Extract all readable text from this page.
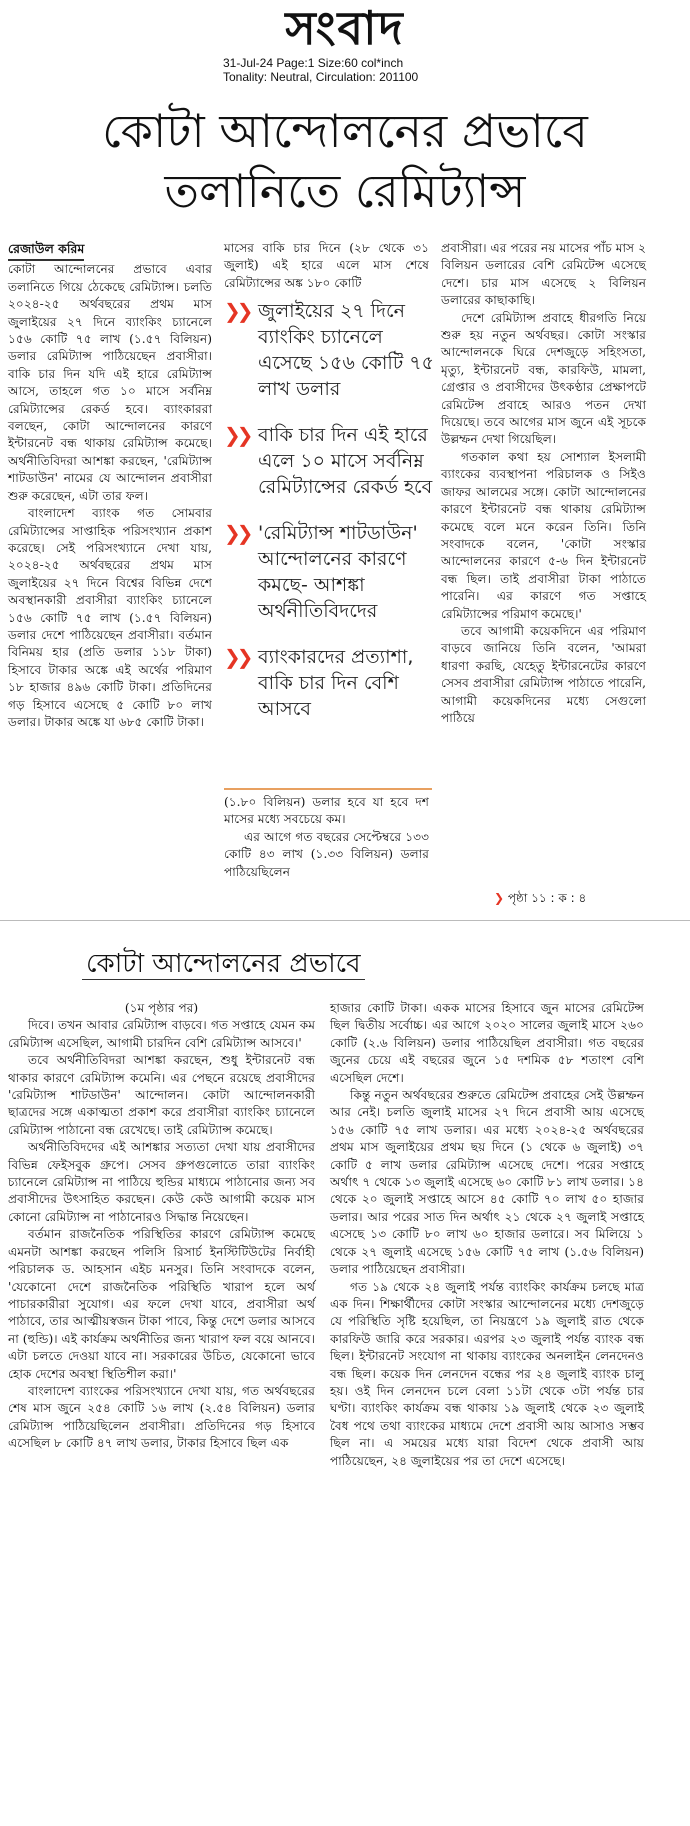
সংবাদ
31-Jul-24 Page:1 Size:60 col*inch
Tonality: Neutral, Circulation: 201100
কোটা আন্দোলনের প্রভাবে
তলানিতে রেমিট্যান্স
রেজাউল করিম

কোটা আন্দোলনের প্রভাবে এবার তলানিতে গিয়ে ঠেকেছে রেমিট্যান্স। চলতি ২০২৪-২৫ অর্থবছরের প্রথম মাস জুলাইয়ের ২৭ দিনে ব্যাংকিং চ্যানেলে ১৫৬ কোটি ৭৫ লাখ (১.৫৭ বিলিয়ন) ডলার রেমিট্যান্স পাঠিয়েছেন প্রবাসীরা। বাকি চার দিন যদি এই হারে রেমিট্যান্স আসে, তাহলে গত ১০ মাসে সর্বনিম্ন রেমিট্যান্সের রেকর্ড হবে। ব্যাংকাররা বলছেন, কোটা আন্দোলনের কারণে ইন্টারনেট বন্ধ থাকায় রেমিট্যান্স কমেছে। অর্থনীতিবিদরা আশঙ্কা করছেন, 'রেমিট্যান্স শাটডাউন' নামের যে আন্দোলন প্রবাসীরা শুরু করেছেন, এটা তার ফল।

বাংলাদেশ ব্যাংক গত সোমবার রেমিট্যান্সের সাপ্তাহিক পরিসংখ্যান প্রকাশ করেছে। সেই পরিসংখ্যানে দেখা যায়, ২০২৪-২৫ অর্থবছরের প্রথম মাস জুলাইয়ের ২৭ দিনে বিশ্বের বিভিন্ন দেশে অবস্থানকারী প্রবাসীরা ব্যাংকিং চ্যানেলে ১৫৬ কোটি ৭৫ লাখ (১.৫৭ বিলিয়ন) ডলার দেশে পাঠিয়েছেন প্রবাসীরা। বর্তমান বিনিময় হার (প্রতি ডলার ১১৮ টাকা) হিসাবে টাকার অঙ্কে এই অর্থের পরিমাণ ১৮ হাজার ৪৯৬ কোটি টাকা। প্রতিদিনের গড় হিসাবে এসেছে ৫ কোটি ৮০ লাখ ডলার। টাকার অঙ্কে যা ৬৮৫ কোটি টাকা।

মাসের বাকি চার দিনে (২৮ থেকে ৩১ জুলাই) এই হারে এলে মাস শেষে রেমিট্যান্সের অঙ্ক ১৮০ কোটি

❯❯ জুলাইয়ের ২৭ দিনে ব্যাংকিং চ্যানেলে এসেছে ১৫৬ কোটি ৭৫ লাখ ডলার
❯❯ বাকি চার দিন এই হারে এলে ১০ মাসে সর্বনিম্ন রেমিট্যান্সের রেকর্ড হবে
❯❯ 'রেমিট্যান্স শাটডাউন' আন্দোলনের কারণে কমছে- আশঙ্কা অর্থনীতিবিদদের
❯❯ ব্যাংকারদের প্রত্যাশা, বাকি চার দিন বেশি আসবে

(১.৮০ বিলিয়ন) ডলার হবে যা হবে দশ মাসের মধ্যে সবচেয়ে কম।

এর আগে গত বছরের সেপ্টেম্বরে ১৩৩ কোটি ৪৩ লাখ (১.৩৩ বিলিয়ন) ডলার পাঠিয়েছিলেন

প্রবাসীরা। এর পরের নয় মাসের পাঁচ মাস ২ বিলিয়ন ডলারের বেশি রেমিটেন্স এসেছে দেশে। চার মাস এসেছে ২ বিলিয়ন ডলারের কাছাকাছি।

দেশে রেমিট্যান্স প্রবাহে ধীরগতি নিয়ে শুরু হয় নতুন অর্থবছর। কোটা সংস্কার আন্দোলনকে ঘিরে দেশজুড়ে সহিংসতা, মৃত্যু, ইন্টারনেট বন্ধ, কারফিউ, মামলা, গ্রেপ্তার ও প্রবাসীদের উৎকণ্ঠার প্রেক্ষাপটে রেমিটেন্স প্রবাহে আরও পতন দেখা দিয়েছে। তবে আগের মাস জুনে এই সূচকে উল্লম্ফন দেখা গিয়েছিল।

গতকাল কথা হয় সোশ্যাল ইসলামী ব্যাংকের ব্যবস্থাপনা পরিচালক ও সিইও জাফর আলমের সঙ্গে। কোটা আন্দোলনের কারণে ইন্টারনেট বন্ধ থাকায় রেমিট্যান্স কমেছে বলে মনে করেন তিনি। তিনি সংবাদকে বলেন, 'কোটা সংস্কার আন্দোলনের কারণে ৫-৬ দিন ইন্টারনেট বন্ধ ছিল। তাই প্রবাসীরা টাকা পাঠাতে পারেনি। এর কারণে গত সপ্তাহে রেমিট্যান্সের পরিমাণ কমেছে।'

তবে আগামী কয়েকদিনে এর পরিমাণ বাড়বে জানিয়ে তিনি বলেন, 'আমরা ধারণা করছি, যেহেতু ইন্টারনেটের কারণে সেসব প্রবাসীরা রেমিট্যান্স পাঠাতে পারেনি, আগামী কয়েকদিনের মধ্যে সেগুলো পাঠিয়ে

❯ পৃষ্ঠা ১১ : ক : ৪
কোটা আন্দোলনের প্রভাবে

(১ম পৃষ্ঠার পর)

দিবে। তখন আবার রেমিট্যান্স বাড়বে। গত সপ্তাহে যেমন কম রেমিট্যান্স এসেছিল, আগামী চারদিন বেশি রেমিট্যান্স আসবে।'

তবে অর্থনীতিবিদরা আশঙ্কা করছেন, শুধু ইন্টারনেট বন্ধ থাকার কারণে রেমিট্যান্স কমেনি। এর পেছনে রয়েছে প্রবাসীদের 'রেমিট্যান্স শাটডাউন' আন্দোলন। কোটা আন্দোলনকারী ছাত্রদের সঙ্গে একাত্মতা প্রকাশ করে প্রবাসীরা ব্যাংকিং চ্যানেলে রেমিট্যান্স পাঠানো বন্ধ রেখেছে। তাই রেমিট্যান্স কমেছে।

অর্থনীতিবিদদের এই আশঙ্কার সত্যতা দেখা যায় প্রবাসীদের বিভিন্ন ফেইসবুক গ্রুপে। সেসব গ্রুপগুলোতে তারা ব্যাংকিং চ্যানেলে রেমিট্যান্স না পাঠিয়ে হুন্ডির মাধ্যমে পাঠানোর জন্য সব প্রবাসীদের উৎসাহিত করছেন। কেউ কেউ আগামী কয়েক মাস কোনো রেমিট্যান্স না পাঠানোরও সিদ্ধান্ত নিয়েছেন।

বর্তমান রাজনৈতিক পরিস্থিতির কারণে রেমিট্যান্স কমেছে এমনটা আশঙ্কা করছেন পলিসি রিসার্চ ইনস্টিটিউটের নির্বাহী পরিচালক ড. আহসান এইচ মনসুর। তিনি সংবাদকে বলেন, 'যেকোনো দেশে রাজনৈতিক পরিস্থিতি খারাপ হলে অর্থ পাচারকারীরা সুযোগ। এর ফলে দেখা যাবে, প্রবাসীরা অর্থ পাঠাবে, তার আত্মীয়স্বজন টাকা পাবে, কিন্তু দেশে ডলার আসবে না (হুন্ডি)। এই কার্যক্রম অর্থনীতির জন্য খারাপ ফল বয়ে আনবে। এটা চলতে দেওয়া যাবে না। সরকারের উচিত, যেকোনো ভাবে হোক দেশের অবস্থা স্থিতিশীল করা।'

বাংলাদেশ ব্যাংকের পরিসংখ্যানে দেখা যায়, গত অর্থবছরের শেষ মাস জুনে ২৫৪ কোটি ১৬ লাখ (২.৫৪ বিলিয়ন) ডলার রেমিট্যান্স পাঠিয়েছিলেন প্রবাসীরা। প্রতিদিনের গড় হিসাবে এসেছিল ৮ কোটি ৪৭ লাখ ডলার, টাকার হিসাবে ছিল এক

হাজার কোটি টাকা। একক মাসের হিসাবে জুন মাসের রেমিটেন্স ছিল দ্বিতীয় সর্বোচ্চ। এর আগে ২০২০ সালের জুলাই মাসে ২৬০ কোটি (২.৬ বিলিয়ন) ডলার পাঠিয়েছিল প্রবাসীরা। গত বছরের জুনের চেয়ে এই বছরের জুনে ১৫ দশমিক ৫৮ শতাংশ বেশি এসেছিল দেশে।

কিন্তু নতুন অর্থবছরের শুরুতে রেমিটেন্স প্রবাহের সেই উল্লম্ফন আর নেই। চলতি জুলাই মাসের ২৭ দিনে প্রবাসী আয় এসেছে ১৫৬ কোটি ৭৫ লাখ ডলার। এর মধ্যে ২০২৪-২৫ অর্থবছরের প্রথম মাস জুলাইয়ের প্রথম ছয় দিনে (১ থেকে ৬ জুলাই) ৩৭ কোটি ৫ লাখ ডলার রেমিট্যান্স এসেছে দেশে। পরের সপ্তাহে অর্থাৎ ৭ থেকে ১৩ জুলাই এসেছে ৬০ কোটি ৮১ লাখ ডলার। ১৪ থেকে ২০ জুলাই সপ্তাহে আসে ৪৫ কোটি ৭০ লাখ ৫০ হাজার ডলার। আর পরের সাত দিন অর্থাৎ ২১ থেকে ২৭ জুলাই সপ্তাহে এসেছে ১৩ কোটি ৮০ লাখ ৬০ হাজার ডলারে। সব মিলিয়ে ১ থেকে ২৭ জুলাই এসেছে ১৫৬ কোটি ৭৫ লাখ (১.৫৬ বিলিয়ন) ডলার পাঠিয়েছেন প্রবাসীরা।

গত ১৯ থেকে ২৪ জুলাই পর্যন্ত ব্যাংকিং কার্যক্রম চলছে মাত্র এক দিন। শিক্ষার্থীদের কোটা সংস্কার আন্দোলনের মধ্যে দেশজুড়ে যে পরিস্থিতি সৃষ্টি হয়েছিল, তা নিয়ন্ত্রণে ১৯ জুলাই রাত থেকে কারফিউ জারি করে সরকার। এরপর ২৩ জুলাই পর্যন্ত ব্যাংক বন্ধ ছিল। ইন্টারনেট সংযোগ না থাকায় ব্যাংকের অনলাইন লেনদেনও বন্ধ ছিল। কয়েক দিন লেনদেন বন্ধের পর ২৪ জুলাই ব্যাংক চালু হয়। ওই দিন লেনদেন চলে বেলা ১১টা থেকে ৩টা পর্যন্ত চার ঘণ্টা। ব্যাংকিং কার্যক্রম বন্ধ থাকায় ১৯ জুলাই থেকে ২৩ জুলাই বৈধ পথে তথা ব্যাংকের মাধ্যমে দেশে প্রবাসী আয় আসাও সম্ভব ছিল না। এ সময়ের মধ্যে যারা বিদেশ থেকে প্রবাসী আয় পাঠিয়েছেন, ২৪ জুলাইয়ের পর তা দেশে এসেছে।
